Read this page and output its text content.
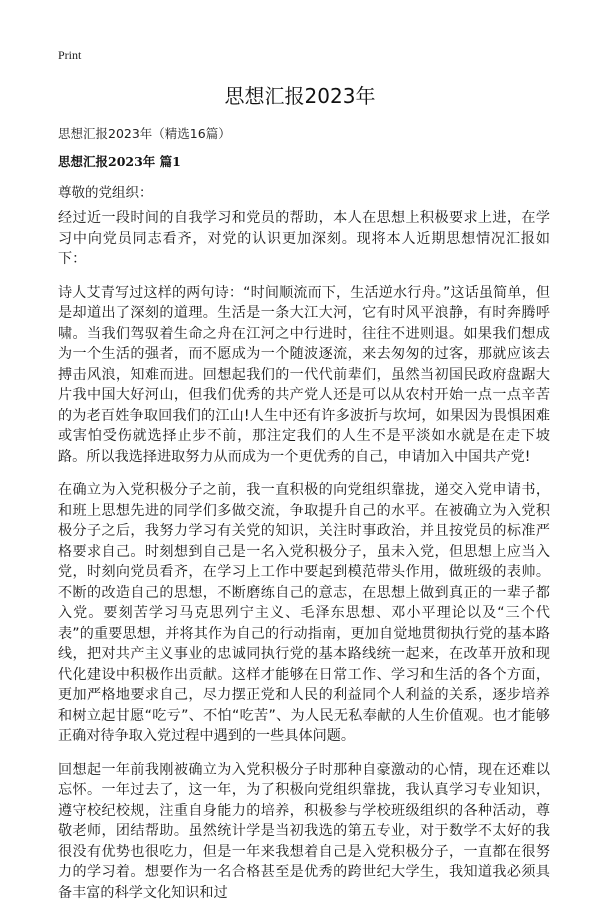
Print
思想汇报2023年
思想汇报2023年（精选16篇）
思想汇报2023年 篇1
尊敬的党组织：

经过近一段时间的自我学习和党员的帮助，本人在思想上积极要求上进，在学习中向党员同志看齐，对党的认识更加深刻。现将本人近期思想情况汇报如下：

诗人艾青写过这样的两句诗：“时间顺流而下，生活逆水行舟。”这话虽简单，但是却道出了深刻的道理。生活是一条大江大河，它有时风平浪静，有时奔腾呼啸。当我们驾驭着生命之舟在江河之中行进时，往往不进则退。如果我们想成为一个生活的强者，而不愿成为一个随波逐流，来去匆匆的过客，那就应该去搏击风浪，知难而进。回想起我们的一代代前辈们，虽然当初国民政府盘踞大片我中国大好河山，但我们优秀的共产党人还是可以从农村开始一点一点辛苦的为老百姓争取回我们的江山!人生中还有许多波折与坎坷，如果因为畏惧困难或害怕受伤就选择止步不前，那注定我们的人生不是平淡如水就是在走下坡路。所以我选择进取努力从而成为一个更优秀的自己，申请加入中国共产党!

在确立为入党积极分子之前，我一直积极的向党组织靠拢，递交入党申请书，和班上思想先进的同学们多做交流，争取提升自己的水平。在被确立为入党积极分子之后，我努力学习有关党的知识，关注时事政治，并且按党员的标准严格要求自己。时刻想到自己是一名入党积极分子，虽未入党，但思想上应当入党，时刻向党员看齐，在学习上工作中要起到模范带头作用，做班级的表帅。不断的改造自己的思想，不断磨练自己的意志，在思想上做到真正的一辈子都入党。要刻苦学习马克思列宁主义、毛泽东思想、邓小平理论以及“三个代表”的重要思想，并将其作为自己的行动指南，更加自觉地贯彻执行党的基本路线，把对共产主义事业的忠诚同执行党的基本路线统一起来，在改革开放和现代化建设中积极作出贡献。这样才能够在日常工作、学习和生活的各个方面，更加严格地要求自己，尽力摆正党和人民的利益同个人利益的关系，逐步培养和树立起甘愿“吃亏”、不怕“吃苦”、为人民无私奉献的人生价值观。也才能够正确对待争取入党过程中遇到的一些具体问题。

回想起一年前我刚被确立为入党积极分子时那种自豪激动的心情，现在还难以忘怀。一年过去了，这一年，为了积极向党组织靠拢，我认真学习专业知识，遵守校纪校规，注重自身能力的培养，积极参与学校班级组织的各种活动，尊敬老师，团结帮助。虽然统计学是当初我选的第五专业，对于数学不太好的我很没有优势也很吃力，但是一年来我想着自己是入党积极分子，一直都在很努力的学习着。想要作为一名合格甚至是优秀的跨世纪大学生，我知道我必须具备丰富的科学文化知识和过
